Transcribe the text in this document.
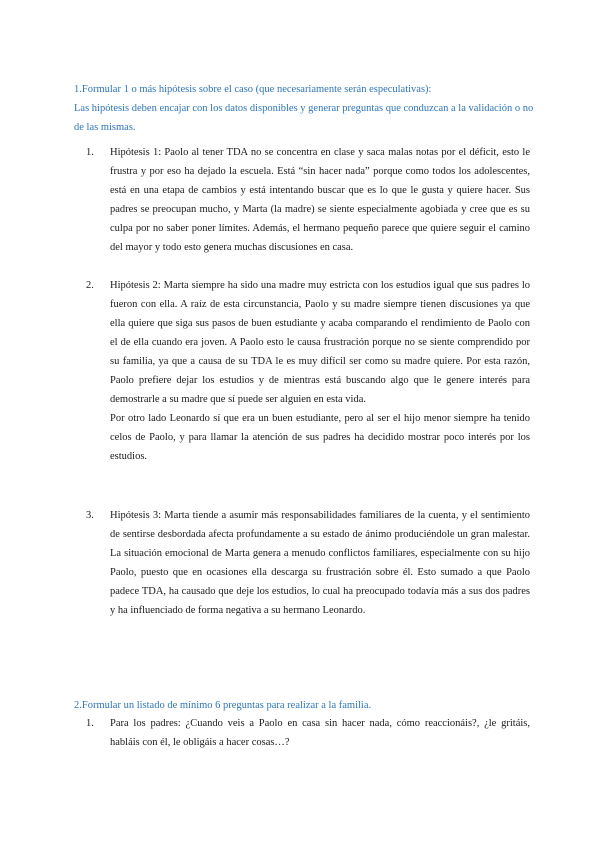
1.Formular 1 o más hipótesis sobre el caso (que necesariamente serán especulativas):

Las hipótesis deben encajar con los datos disponibles y generar preguntas que conduzcan a la validación o no de las mismas.

1. Hipótesis 1: Paolo al tener TDA no se concentra en clase y saca malas notas por el déficit, esto le frustra y por eso ha dejado la escuela. Está “sin hacer nada” porque como todos los adolescentes, está en una etapa de cambios y está intentando buscar que es lo que le gusta y quiere hacer. Sus padres se preocupan mucho, y Marta (la madre) se siente especialmente agobiada y cree que es su culpa por no saber poner límites. Además, el hermano pequeño parece que quiere seguir el camino del mayor y todo esto genera muchas discusiones en casa.

2. Hipótesis 2: Marta siempre ha sido una madre muy estricta con los estudios igual que sus padres lo fueron con ella. A raíz de esta circunstancia, Paolo y su madre siempre tienen discusiones ya que ella quiere que siga sus pasos de buen estudiante y acaba comparando el rendimiento de Paolo con el de ella cuando era joven. A Paolo esto le causa frustración porque no se siente comprendido por su familia, ya que a causa de su TDA le es muy difícil ser como su madre quiere. Por esta razón, Paolo prefiere dejar los estudios y de mientras está buscando algo que le genere interés para demostrarle a su madre que sí puede ser alguien en esta vida.

Por otro lado Leonardo sí que era un buen estudiante, pero al ser el hijo menor siempre ha tenido celos de Paolo, y para llamar la atención de sus padres ha decidido mostrar poco interés por los estudios.

3. Hipótesis 3: Marta tiende a asumir más responsabilidades familiares de la cuenta, y el sentimiento de sentirse desbordada afecta profundamente a su estado de ánimo produciéndole un gran malestar. La situación emocional de Marta genera a menudo conflictos familiares, especialmente con su hijo Paolo, puesto que en ocasiones ella descarga su frustración sobre él. Esto sumado a que Paolo padece TDA, ha causado que deje los estudios, lo cual ha preocupado todavía más a sus dos padres y ha influenciado de forma negativa a su hermano Leonardo.

2.Formular un listado de mínimo 6 preguntas para realizar a la familia.

1. Para los padres: ¿Cuando veis a Paolo en casa sin hacer nada, cómo reaccionáis?, ¿le gritáis, habláis con él, le obligáis a hacer cosas…?
